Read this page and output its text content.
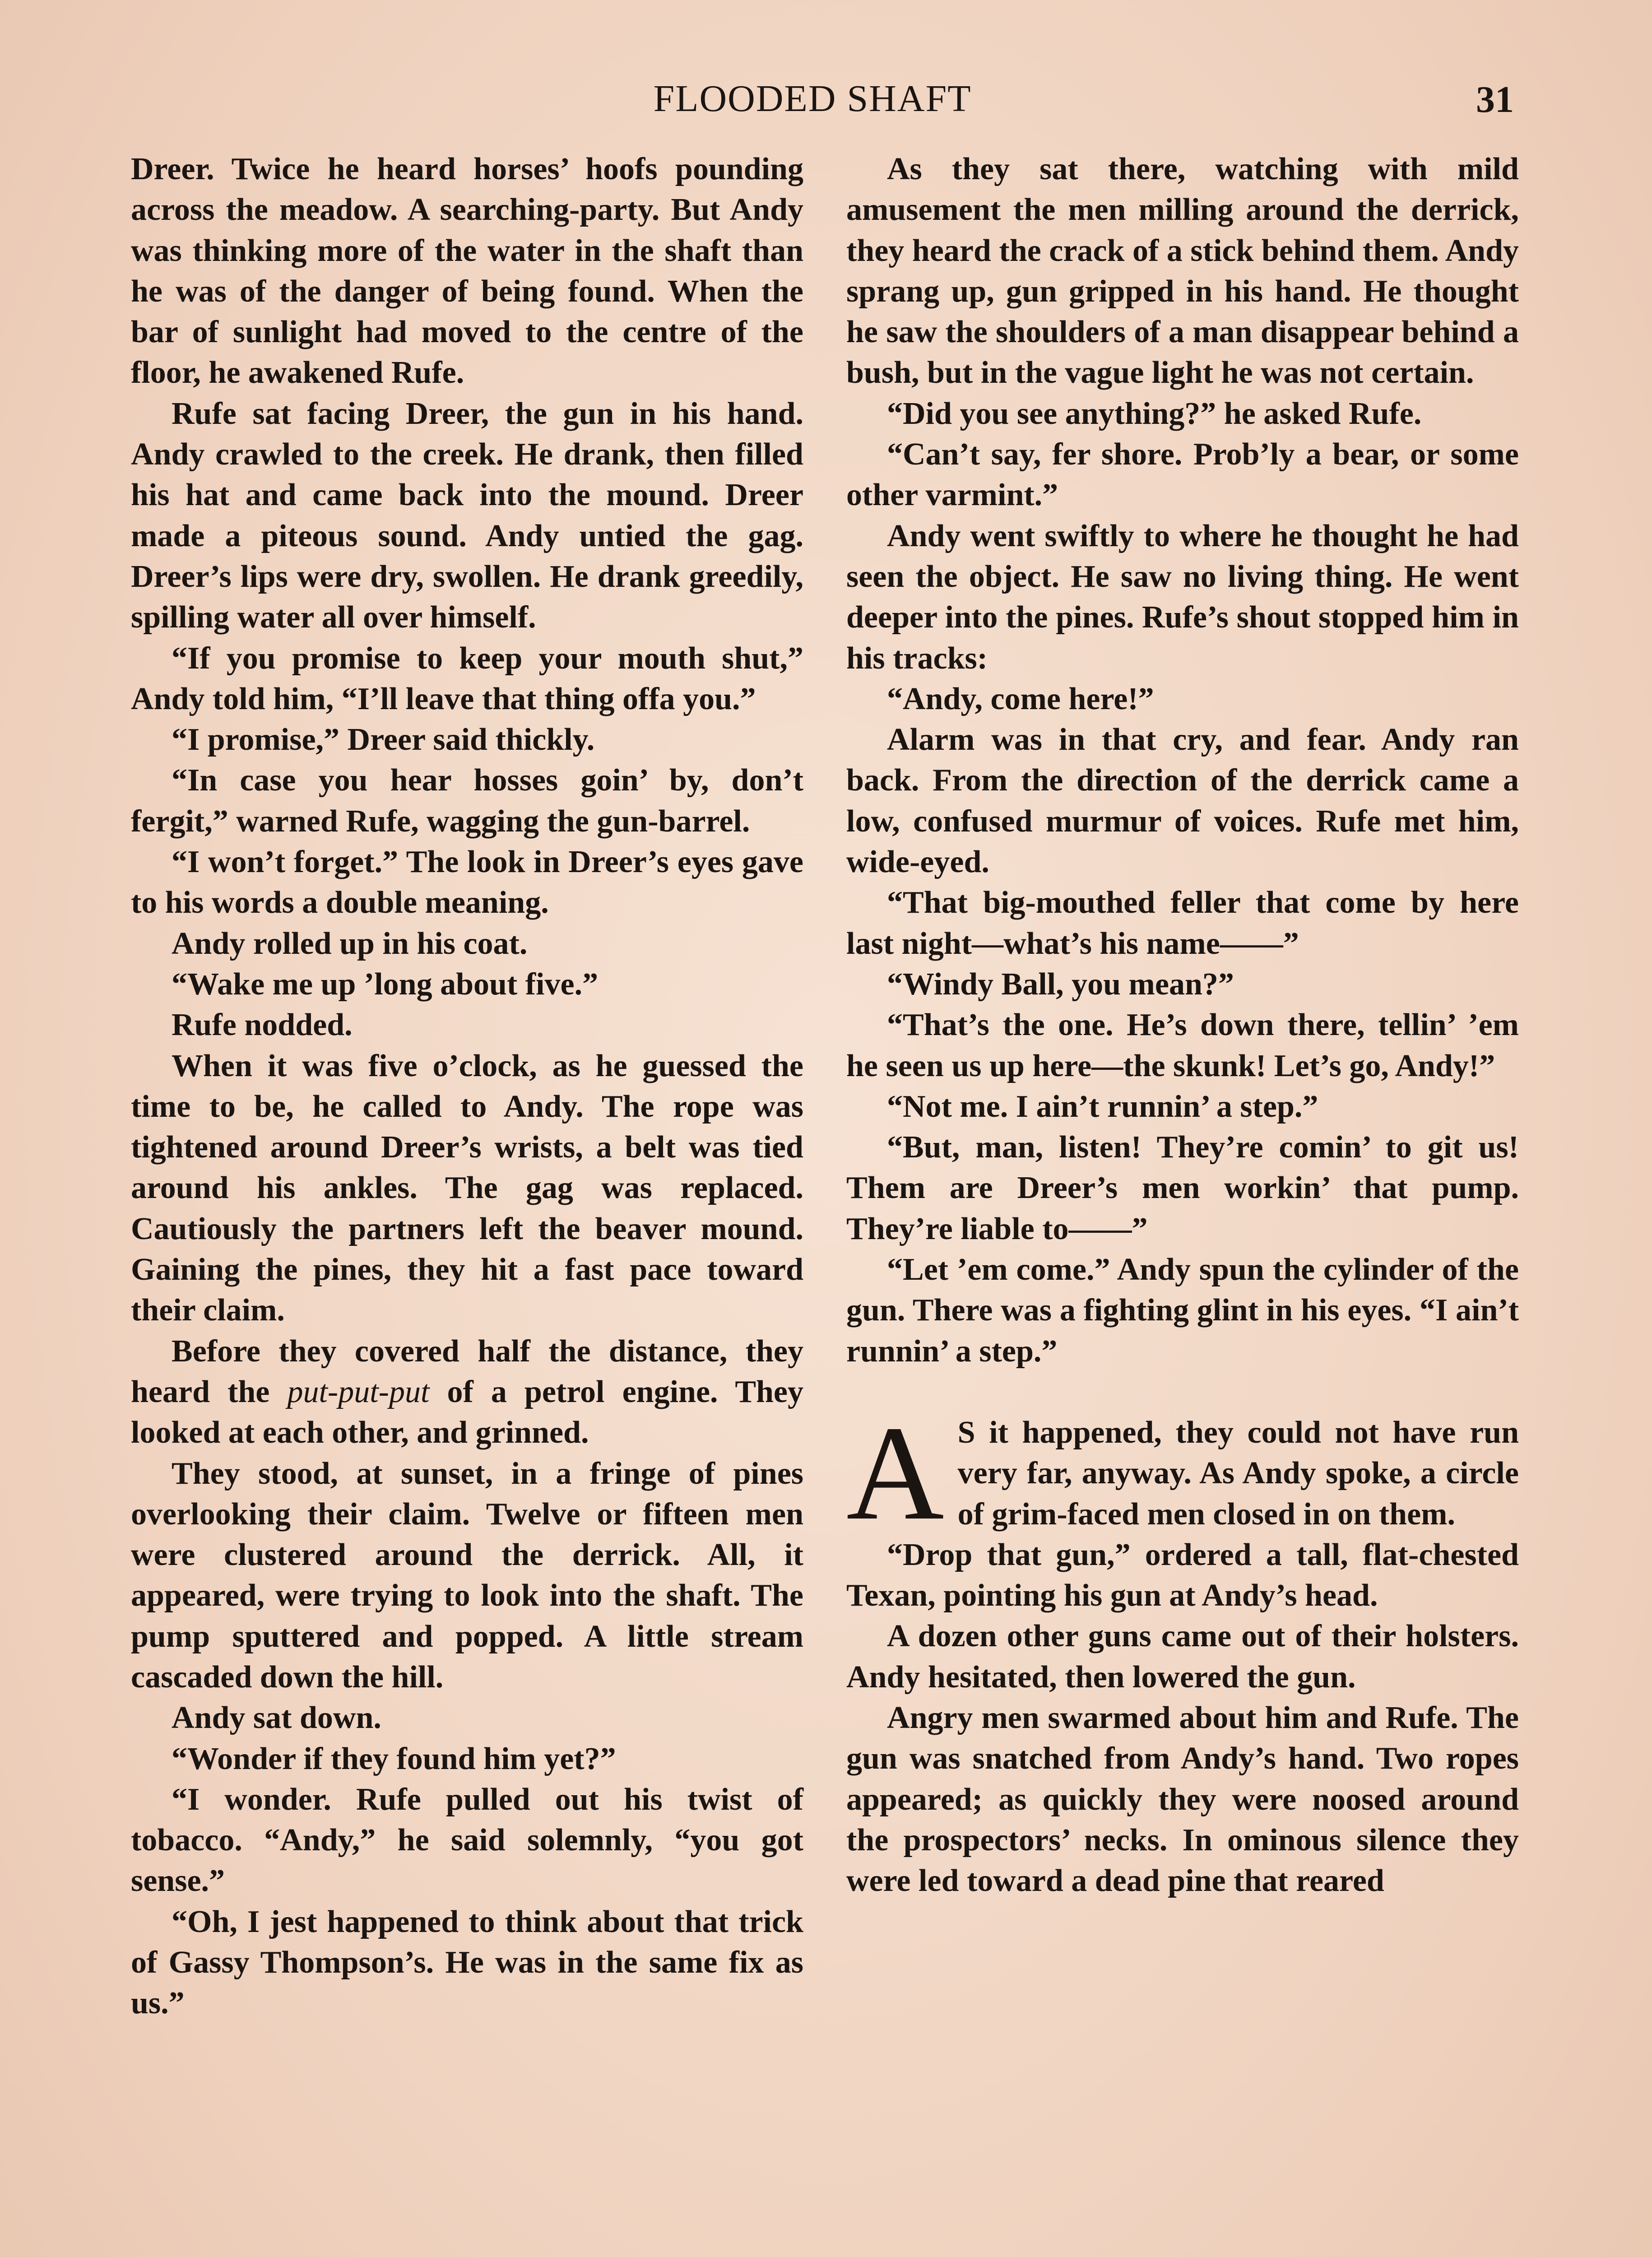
FLOODED SHAFT	31

Dreer. Twice he heard horses’ hoofs pounding across the meadow. A searching-party. But Andy was thinking more of the water in the shaft than he was of the danger of being found. When the bar of sunlight had moved to the centre of the floor, he awakened Rufe.

Rufe sat facing Dreer, the gun in his hand. Andy crawled to the creek. He drank, then filled his hat and came back into the mound. Dreer made a piteous sound. Andy untied the gag. Dreer’s lips were dry, swollen. He drank greedily, spilling water all over himself.

“If you promise to keep your mouth shut,” Andy told him, “I’ll leave that thing offa you.”

“I promise,” Dreer said thickly.

“In case you hear hosses goin’ by, don’t fergit,” warned Rufe, wagging the gun-barrel.

“I won’t forget.” The look in Dreer’s eyes gave to his words a double meaning.

Andy rolled up in his coat.

“Wake me up ’long about five.”

Rufe nodded.

When it was five o’clock, as he guessed the time to be, he called to Andy. The rope was tightened around Dreer’s wrists, a belt was tied around his ankles. The gag was replaced. Cautiously the partners left the beaver mound. Gaining the pines, they hit a fast pace toward their claim.

Before they covered half the distance, they heard the put-put-put of a petrol engine. They looked at each other, and grinned.

They stood, at sunset, in a fringe of pines overlooking their claim. Twelve or fifteen men were clustered around the derrick. All, it appeared, were trying to look into the shaft. The pump sputtered and popped. A little stream cascaded down the hill.

Andy sat down.

“Wonder if they found him yet?”

“I wonder. Rufe pulled out his twist of tobacco. “Andy,” he said solemnly, “you got sense.”

“Oh, I jest happened to think about that trick of Gassy Thompson’s. He was in the same fix as us.”

As they sat there, watching with mild amusement the men milling around the derrick, they heard the crack of a stick behind them. Andy sprang up, gun gripped in his hand. He thought he saw the shoulders of a man disappear behind a bush, but in the vague light he was not certain.

“Did you see anything?” he asked Rufe.

“Can’t say, fer shore. Prob’ly a bear, or some other varmint.”

Andy went swiftly to where he thought he had seen the object. He saw no living thing. He went deeper into the pines. Rufe’s shout stopped him in his tracks:

“Andy, come here!”

Alarm was in that cry, and fear. Andy ran back. From the direction of the derrick came a low, confused murmur of voices. Rufe met him, wide-eyed.

“That big-mouthed feller that come by here last night—what’s his name——”

“Windy Ball, you mean?”

“That’s the one. He’s down there, tellin’ ’em he seen us up here—the skunk! Let’s go, Andy!”

“Not me. I ain’t runnin’ a step.”

“But, man, listen! They’re comin’ to git us! Them are Dreer’s men workin’ that pump. They’re liable to——”

“Let ’em come.” Andy spun the cylinder of the gun. There was a fighting glint in his eyes. “I ain’t runnin’ a step.”

A S it happened, they could not have run very far, anyway. As Andy spoke, a circle of grim-faced men closed in on them.

“Drop that gun,” ordered a tall, flat-chested Texan, pointing his gun at Andy’s head.

A dozen other guns came out of their holsters. Andy hesitated, then lowered the gun.

Angry men swarmed about him and Rufe. The gun was snatched from Andy’s hand. Two ropes appeared; as quickly they were noosed around the prospectors’ necks. In ominous silence they were led toward a dead pine that reared
